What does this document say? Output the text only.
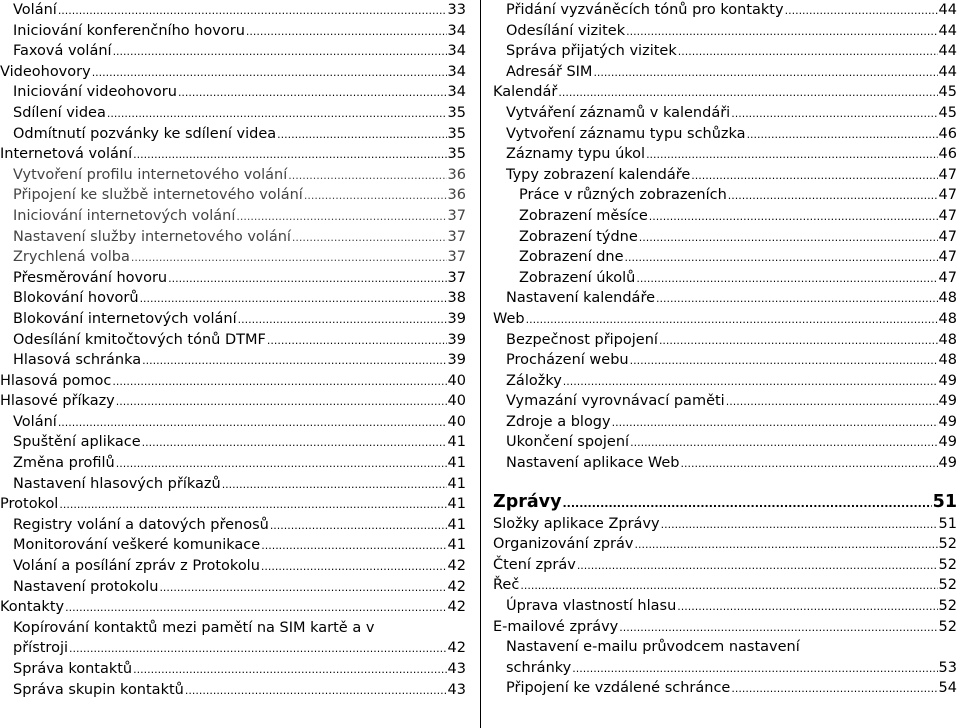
Volání .....	33
Iniciování konferenčního hovoru .....	34
Faxová volání .....	34
Videohovory .....	34
Iniciování videohovoru .....	34
Sdílení videa .....	35
Odmítnutí pozvánky ke sdílení videa .....	35
Internetová volání .....	35
Vytvoření profilu internetového volání .....	36
Připojení ke službě internetového volání .....	36
Iniciování internetových volání .....	37
Nastavení služby internetového volání .....	37
Zrychlená volba .....	37
Přesměrování hovoru .....	37
Blokování hovorů .....	38
Blokování internetových volání .....	39
Odesílání kmitočtových tónů DTMF .....	39
Hlasová schránka .....	39
Hlasová pomoc .....	40
Hlasové příkazy .....	40
Volání .....	40
Spuštění aplikace .....	41
Změna profilů .....	41
Nastavení hlasových příkazů .....	41
Protokol .....	41
Registry volání a datových přenosů .....	41
Monitorování veškeré komunikace .....	41
Volání a posílání zpráv z Protokolu .....	42
Nastavení protokolu .....	42
Kontakty .....	42
Kopírování kontaktů mezi pamětí na SIM kartě a v
přístroji .....	42
Správa kontaktů .....	43
Správa skupin kontaktů .....	43
Přidání vyzváněcích tónů pro kontakty .....	44
Odesílání vizitek .....	44
Správa přijatých vizitek .....	44
Adresář SIM .....	44
Kalendář .....	45
Vytváření záznamů v kalendáři .....	45
Vytvoření záznamu typu schůzka .....	46
Záznamy typu úkol .....	46
Typy zobrazení kalendáře .....	47
Práce v různých zobrazeních .....	47
Zobrazení měsíce .....	47
Zobrazení týdne .....	47
Zobrazení dne .....	47
Zobrazení úkolů .....	47
Nastavení kalendáře .....	48
Web .....	48
Bezpečnost připojení .....	48
Procházení webu .....	48
Záložky .....	49
Vymazání vyrovnávací paměti .....	49
Zdroje a blogy .....	49
Ukončení spojení .....	49
Nastavení aplikace Web .....	49
Zprávy .....	51
Složky aplikace Zprávy .....	51
Organizování zpráv .....	52
Čtení zpráv .....	52
Řeč .....	52
Úprava vlastností hlasu .....	52
E-mailové zprávy .....	52
Nastavení e-mailu průvodcem nastavení
schránky .....	53
Připojení ke vzdálené schránce .....	54
